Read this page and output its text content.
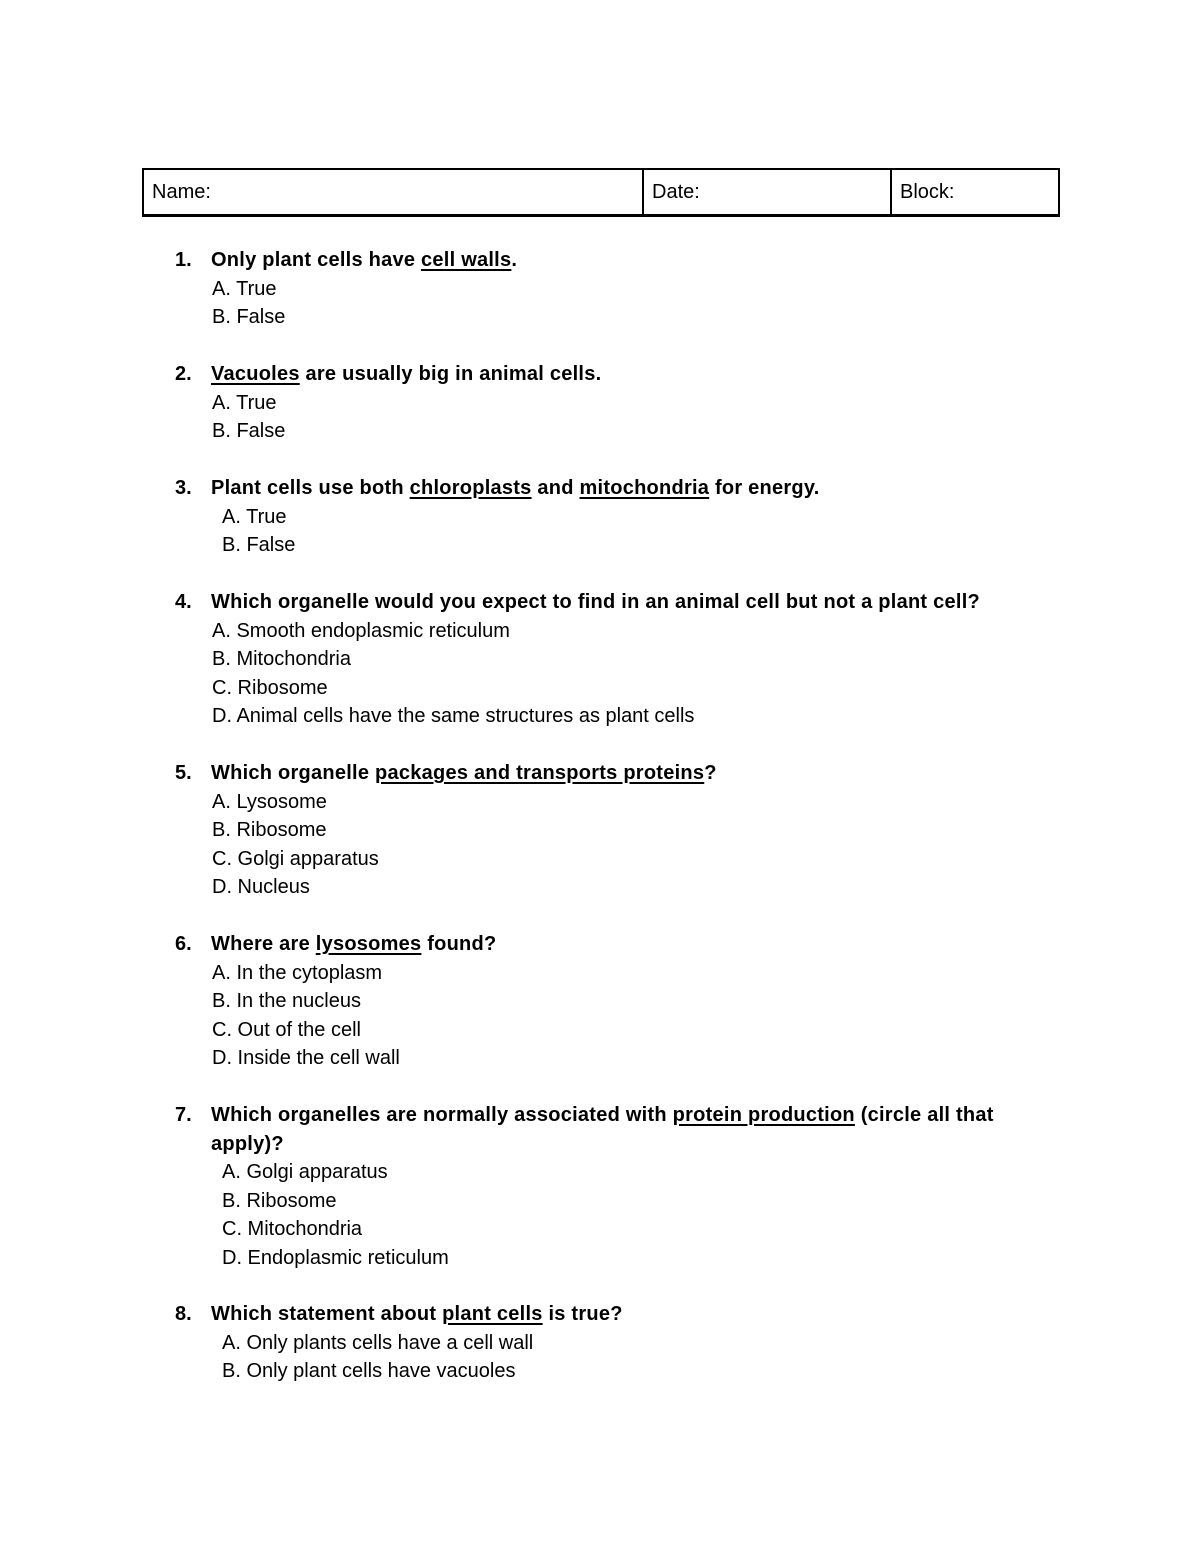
Name:	Date:	Block:
1. Only plant cells have cell walls.
A. True
B. False
2. Vacuoles are usually big in animal cells.
A. True
B. False
3. Plant cells use both chloroplasts and mitochondria for energy.
A. True
B. False
4. Which organelle would you expect to find in an animal cell but not a plant cell?
A. Smooth endoplasmic reticulum
B. Mitochondria
C. Ribosome
D. Animal cells have the same structures as plant cells
5. Which organelle packages and transports proteins?
A. Lysosome
B. Ribosome
C. Golgi apparatus
D. Nucleus
6. Where are lysosomes found?
A. In the cytoplasm
B. In the nucleus
C. Out of the cell
D. Inside the cell wall
7. Which organelles are normally associated with protein production (circle all that
apply)?
A. Golgi apparatus
B. Ribosome
C. Mitochondria
D. Endoplasmic reticulum
8. Which statement about plant cells is true?
A. Only plants cells have a cell wall
B. Only plant cells have vacuoles
